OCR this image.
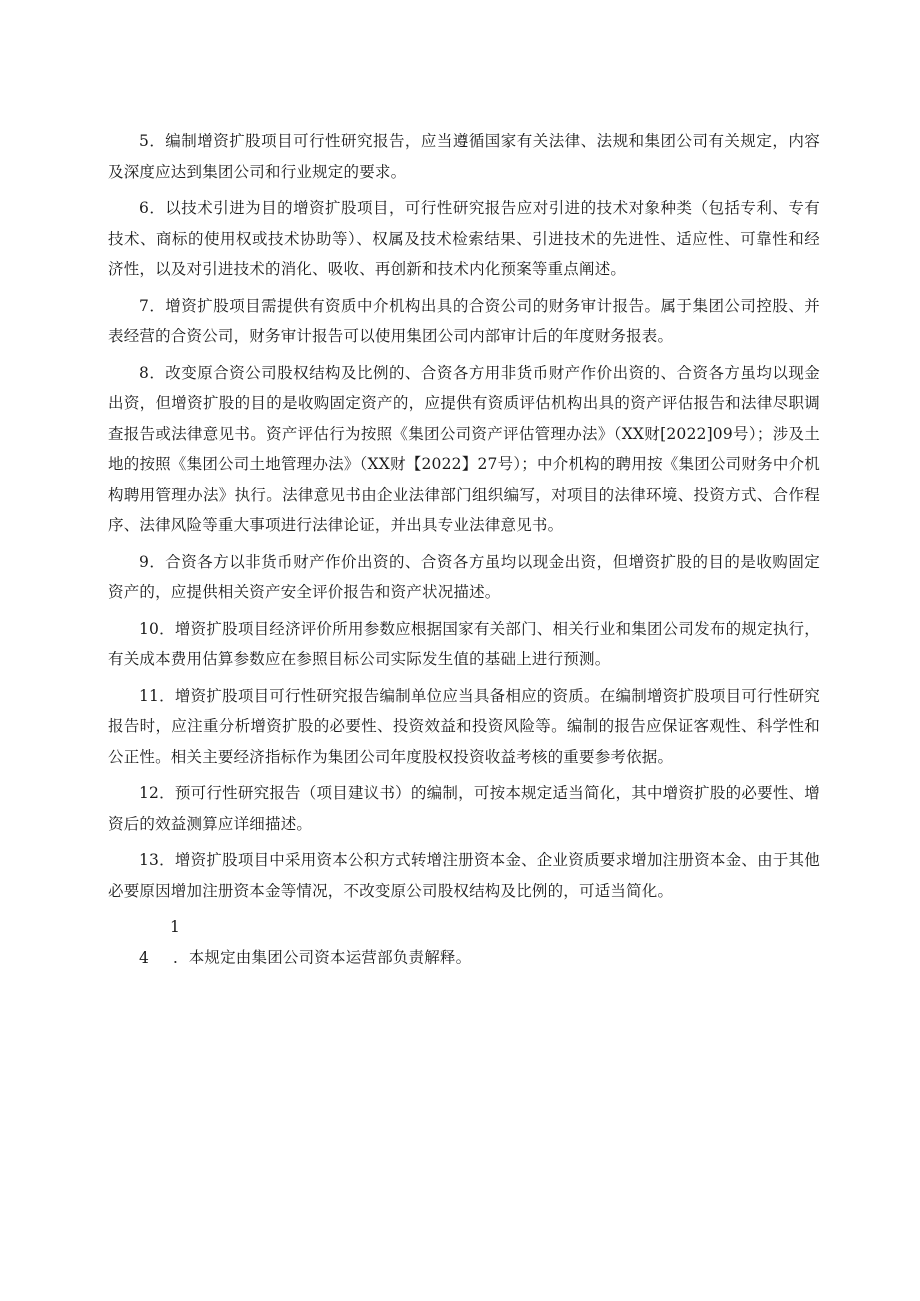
5．编制增资扩股项目可行性研究报告，应当遵循国家有关法律、法规和集团公司有关规定，内容及深度应达到集团公司和行业规定的要求。

6．以技术引进为目的增资扩股项目，可行性研究报告应对引进的技术对象种类（包括专利、专有技术、商标的使用权或技术协助等）、权属及技术检索结果、引进技术的先进性、适应性、可靠性和经济性，以及对引进技术的消化、吸收、再创新和技术内化预案等重点阐述。

7．增资扩股项目需提供有资质中介机构出具的合资公司的财务审计报告。属于集团公司控股、并表经营的合资公司，财务审计报告可以使用集团公司内部审计后的年度财务报表。

8．改变原合资公司股权结构及比例的、合资各方用非货币财产作价出资的、合资各方虽均以现金出资，但增资扩股的目的是收购固定资产的，应提供有资质评估机构出具的资产评估报告和法律尽职调查报告或法律意见书。资产评估行为按照《集团公司资产评估管理办法》（XX财[2022]09号）；涉及土地的按照《集团公司土地管理办法》（XX财【2022】27号）；中介机构的聘用按《集团公司财务中介机构聘用管理办法》执行。法律意见书由企业法律部门组织编写，对项目的法律环境、投资方式、合作程序、法律风险等重大事项进行法律论证，并出具专业法律意见书。

9．合资各方以非货币财产作价出资的、合资各方虽均以现金出资，但增资扩股的目的是收购固定资产的，应提供相关资产安全评价报告和资产状况描述。

10．增资扩股项目经济评价所用参数应根据国家有关部门、相关行业和集团公司发布的规定执行，有关成本费用估算参数应在参照目标公司实际发生值的基础上进行预测。

11．增资扩股项目可行性研究报告编制单位应当具备相应的资质。在编制增资扩股项目可行性研究报告时，应注重分析增资扩股的必要性、投资效益和投资风险等。编制的报告应保证客观性、科学性和公正性。相关主要经济指标作为集团公司年度股权投资收益考核的重要参考依据。

12．预可行性研究报告（项目建议书）的编制，可按本规定适当简化，其中增资扩股的必要性、增资后的效益测算应详细描述。

13．增资扩股项目中采用资本公积方式转增注册资本金、企业资质要求增加注册资本金、由于其他必要原因增加注册资本金等情况，不改变原公司股权结构及比例的，可适当简化。

14 ．本规定由集团公司资本运营部负责解释。
